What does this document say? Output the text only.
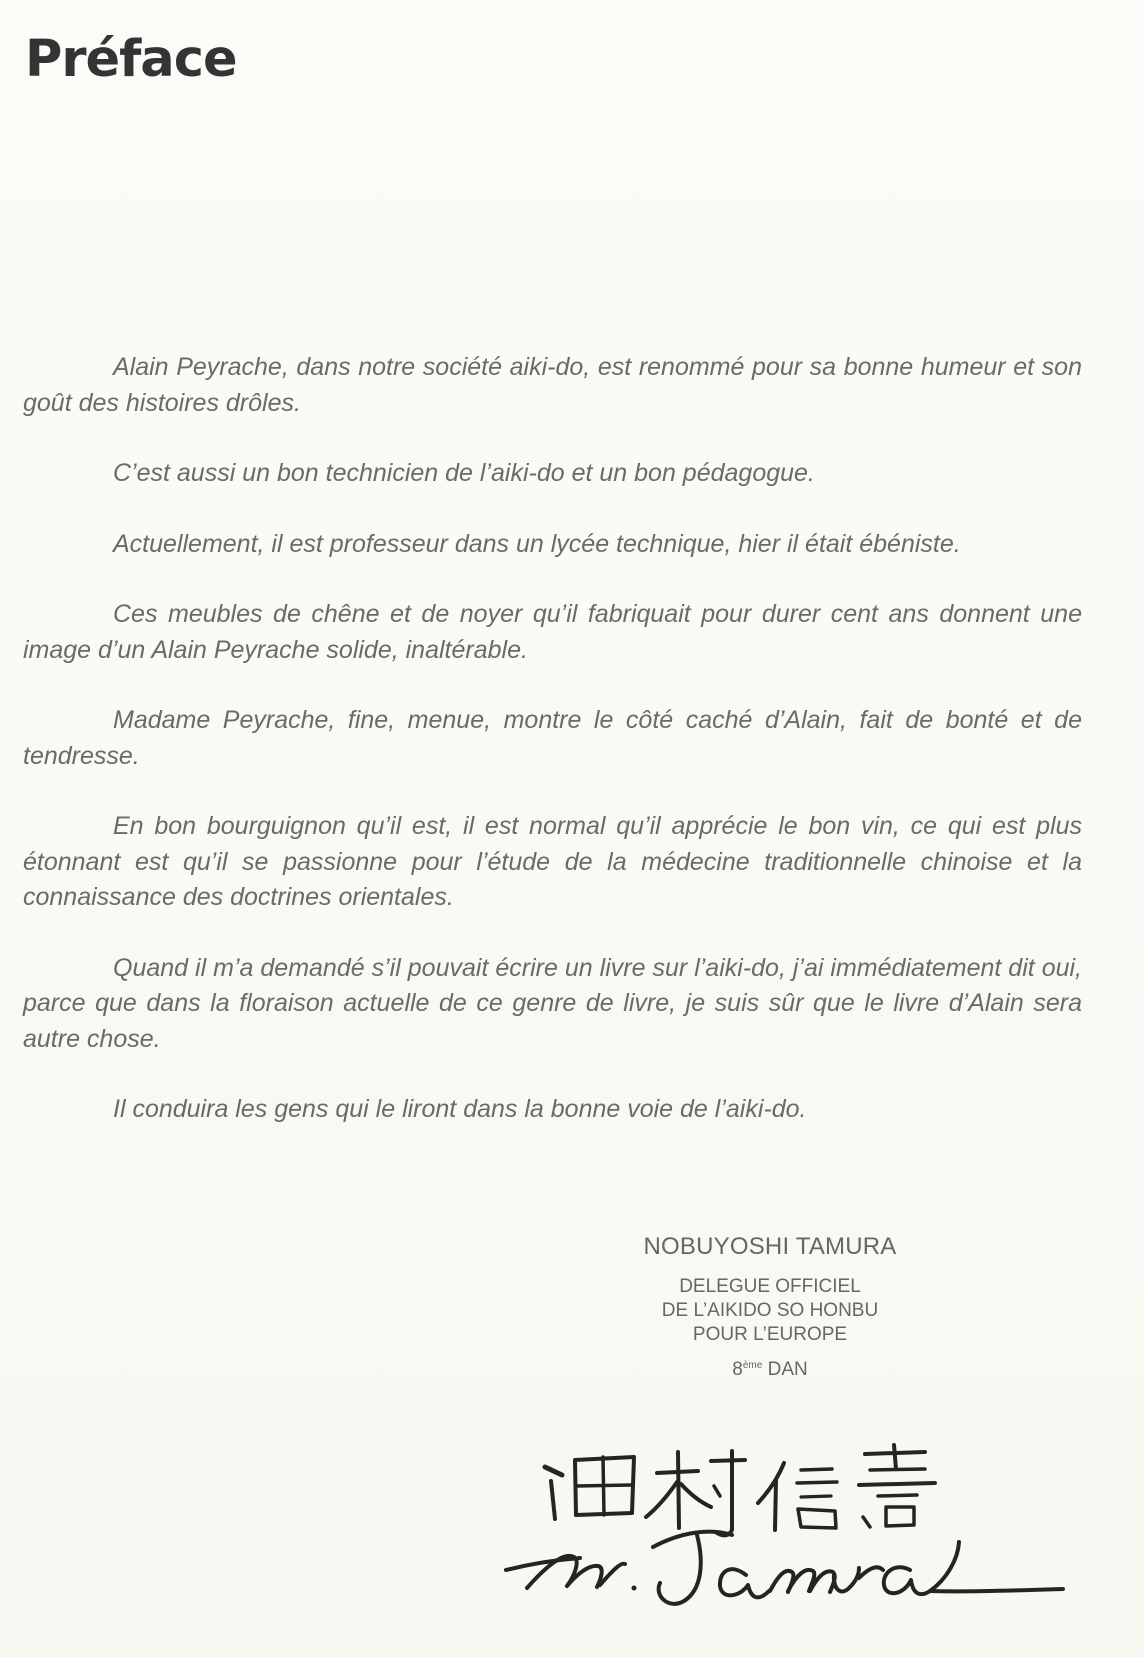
Préface

Alain Peyrache, dans notre société aiki-do, est renommé pour sa bonne humeur et son goût des histoires drôles.

C’est aussi un bon technicien de l’aiki-do et un bon pédagogue.

Actuellement, il est professeur dans un lycée technique, hier il était ébéniste.

Ces meubles de chêne et de noyer qu’il fabriquait pour durer cent ans donnent une image d’un Alain Peyrache solide, inaltérable.

Madame Peyrache, fine, menue, montre le côté caché d’Alain, fait de bonté et de tendresse.

En bon bourguignon qu’il est, il est normal qu’il apprécie le bon vin, ce qui est plus étonnant est qu’il se passionne pour l’étude de la médecine traditionnelle chinoise et la connaissance des doctrines orientales.

Quand il m’a demandé s’il pouvait écrire un livre sur l’aiki-do, j’ai immédiatement dit oui, parce que dans la floraison actuelle de ce genre de livre, je suis sûr que le livre d’Alain sera autre chose.

Il conduira les gens qui le liront dans la bonne voie de l’aiki-do.

NOBUYOSHI TAMURA
DELEGUE OFFICIEL
DE L’AIKIDO SO HONBU
POUR L’EUROPE
8ème DAN
